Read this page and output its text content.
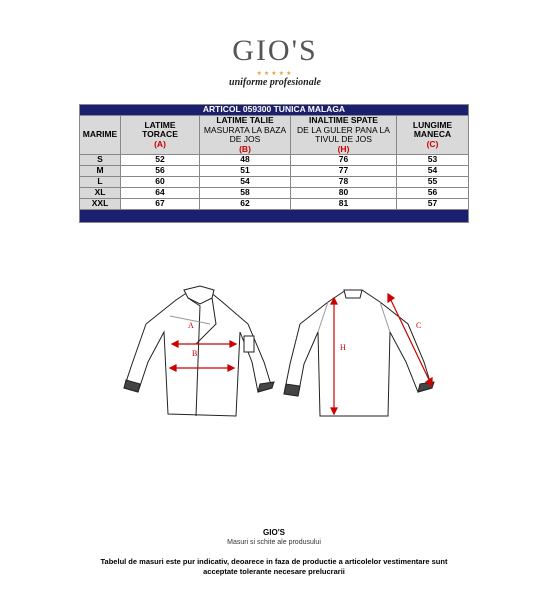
GIO'S
★★★★★
uniforme profesionale
ARTICOL 059300 TUNICA MALAGA				
MARIME	LATIME
TORACE
(A)	LATIME TALIE
MASURATA LA BAZA
DE JOS
(B)	INALTIME SPATE
DE LA GULER PANA LA
TIVUL DE JOS
(H)	LUNGIME
MANECA
(C)
S	52	48	76	53
M	56	51	77	54
L	60	54	78	55
XL	64	58	80	56
XXL	67	62	81	57

A
B
H
C
GIO'S
Masuri si schite ale produsului
Tabelul de masuri este pur indicativ, deoarece in faza de productie a articolelor vestimentare sunt
acceptate tolerante necesare prelucrarii
